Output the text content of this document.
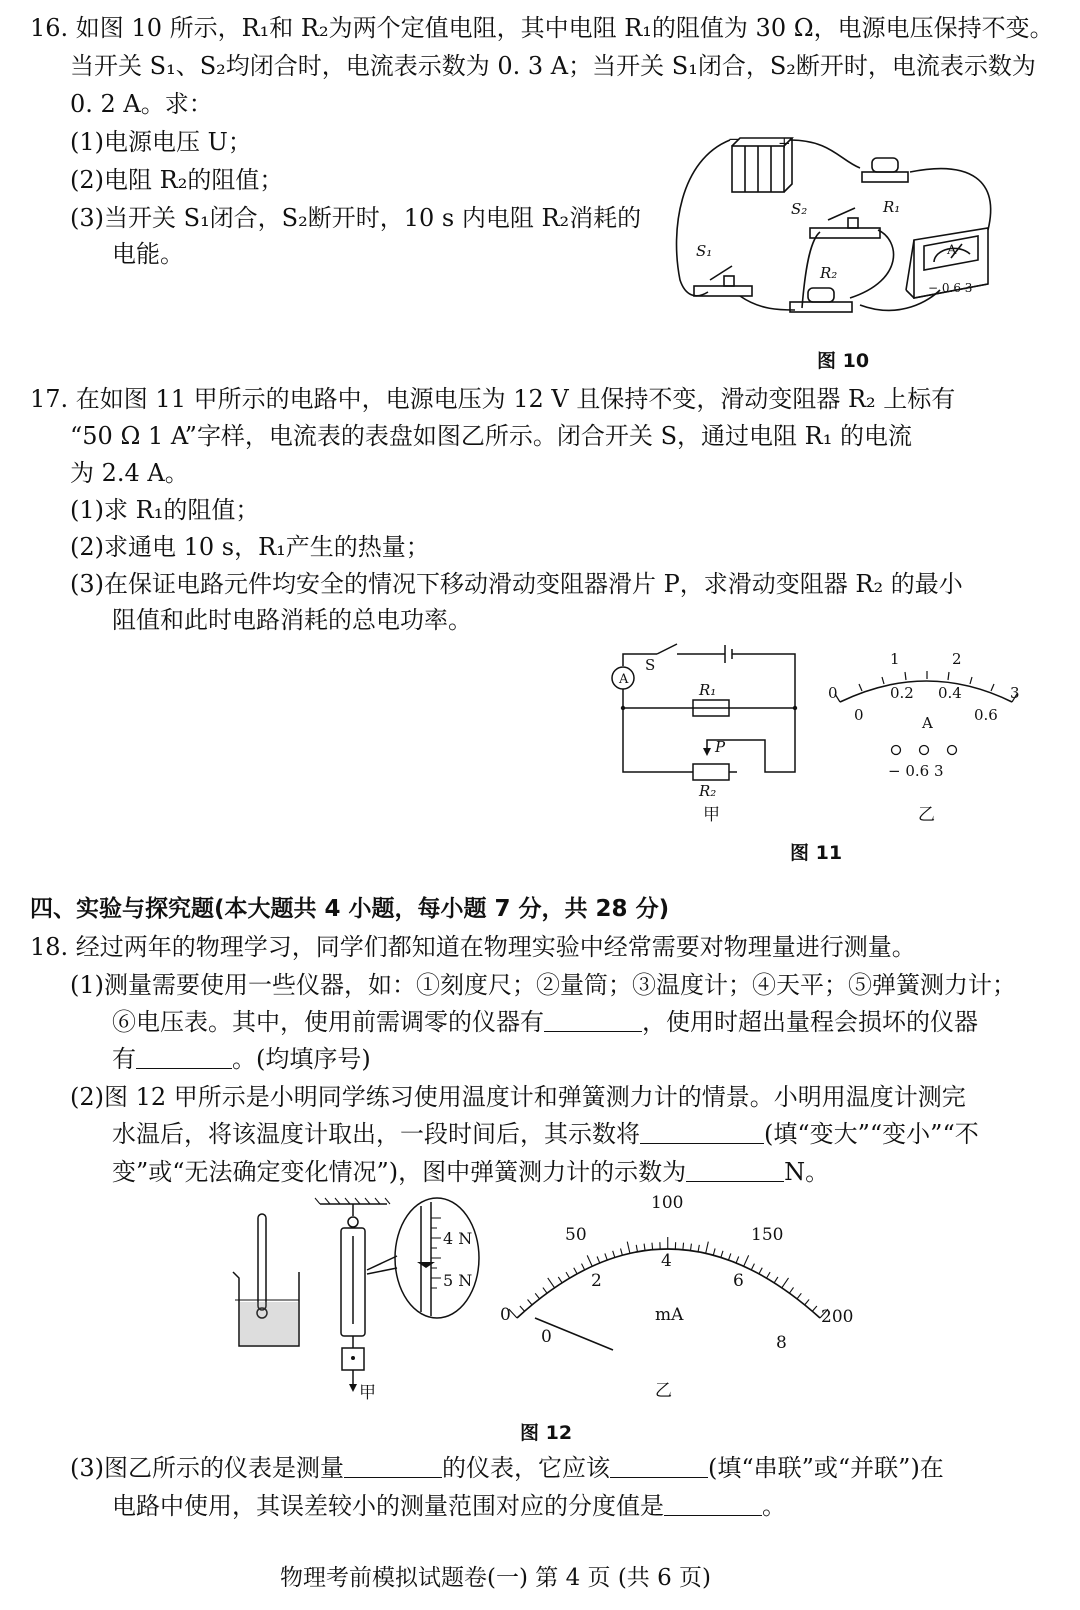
16. 如图 10 所示，R₁和 R₂为两个定值电阻，其中电阻 R₁的阻值为 30 Ω，电源电压保持不变。
当开关 S₁、S₂均闭合时，电流表示数为 0. 3 A；当开关 S₁闭合，S₂断开时，电流表示数为
0. 2 A。求：
(1)电源电压 U；
(2)电阻 R₂的阻值；
(3)当开关 S₁闭合，S₂断开时，10 s 内电阻 R₂消耗的
电能。
− +
S₂	R₁
S₁
R₂
A
− 0.6 3
图 10
17. 在如图 11 甲所示的电路中，电源电压为 12 V 且保持不变，滑动变阻器 R₂ 上标有
“50 Ω 1 A”字样，电流表的表盘如图乙所示。闭合开关 S，通过电阻 R₁ 的电流
为 2.4 A。
(1)求 R₁的阻值；
(2)求通电 10 s，R₁产生的热量；
(3)在保证电路元件均安全的情况下移动滑动变阻器滑片 P，求滑动变阻器 R₂ 的最小
阻值和此时电路消耗的总电功率。
A
S
R₁
P
R₂
甲
0
1	2
3
0
0.2 0.4
0.6
A
− 0.6 3
乙
图 11
四、实验与探究题(本大题共 4 小题，每小题 7 分，共 28 分)
18. 经过两年的物理学习，同学们都知道在物理实验中经常需要对物理量进行测量。
(1)测量需要使用一些仪器，如：①刻度尺；②量筒；③温度计；④天平；⑤弹簧测力计；
⑥电压表。其中，使用前需调零的仪器有	，使用时超出量程会损坏的仪器
有	。(均填序号)
(2)图 12 甲所示是小明同学练习使用温度计和弹簧测力计的情景。小明用温度计测完
水温后，将该温度计取出，一段时间后，其示数将	(填“变大”“变小”“不
变”或“无法确定变化情况”)，图中弹簧测力计的示数为	N。
4 N
5 N
甲
0
50
100
150
200
0
2
4
6
8
mA
乙
图 12
(3)图乙所示的仪表是测量	的仪表，它应该	(填“串联”或“并联”)在
电路中使用，其误差较小的测量范围对应的分度值是	。
物理考前模拟试题卷(一) 第 4 页 (共 6 页)
